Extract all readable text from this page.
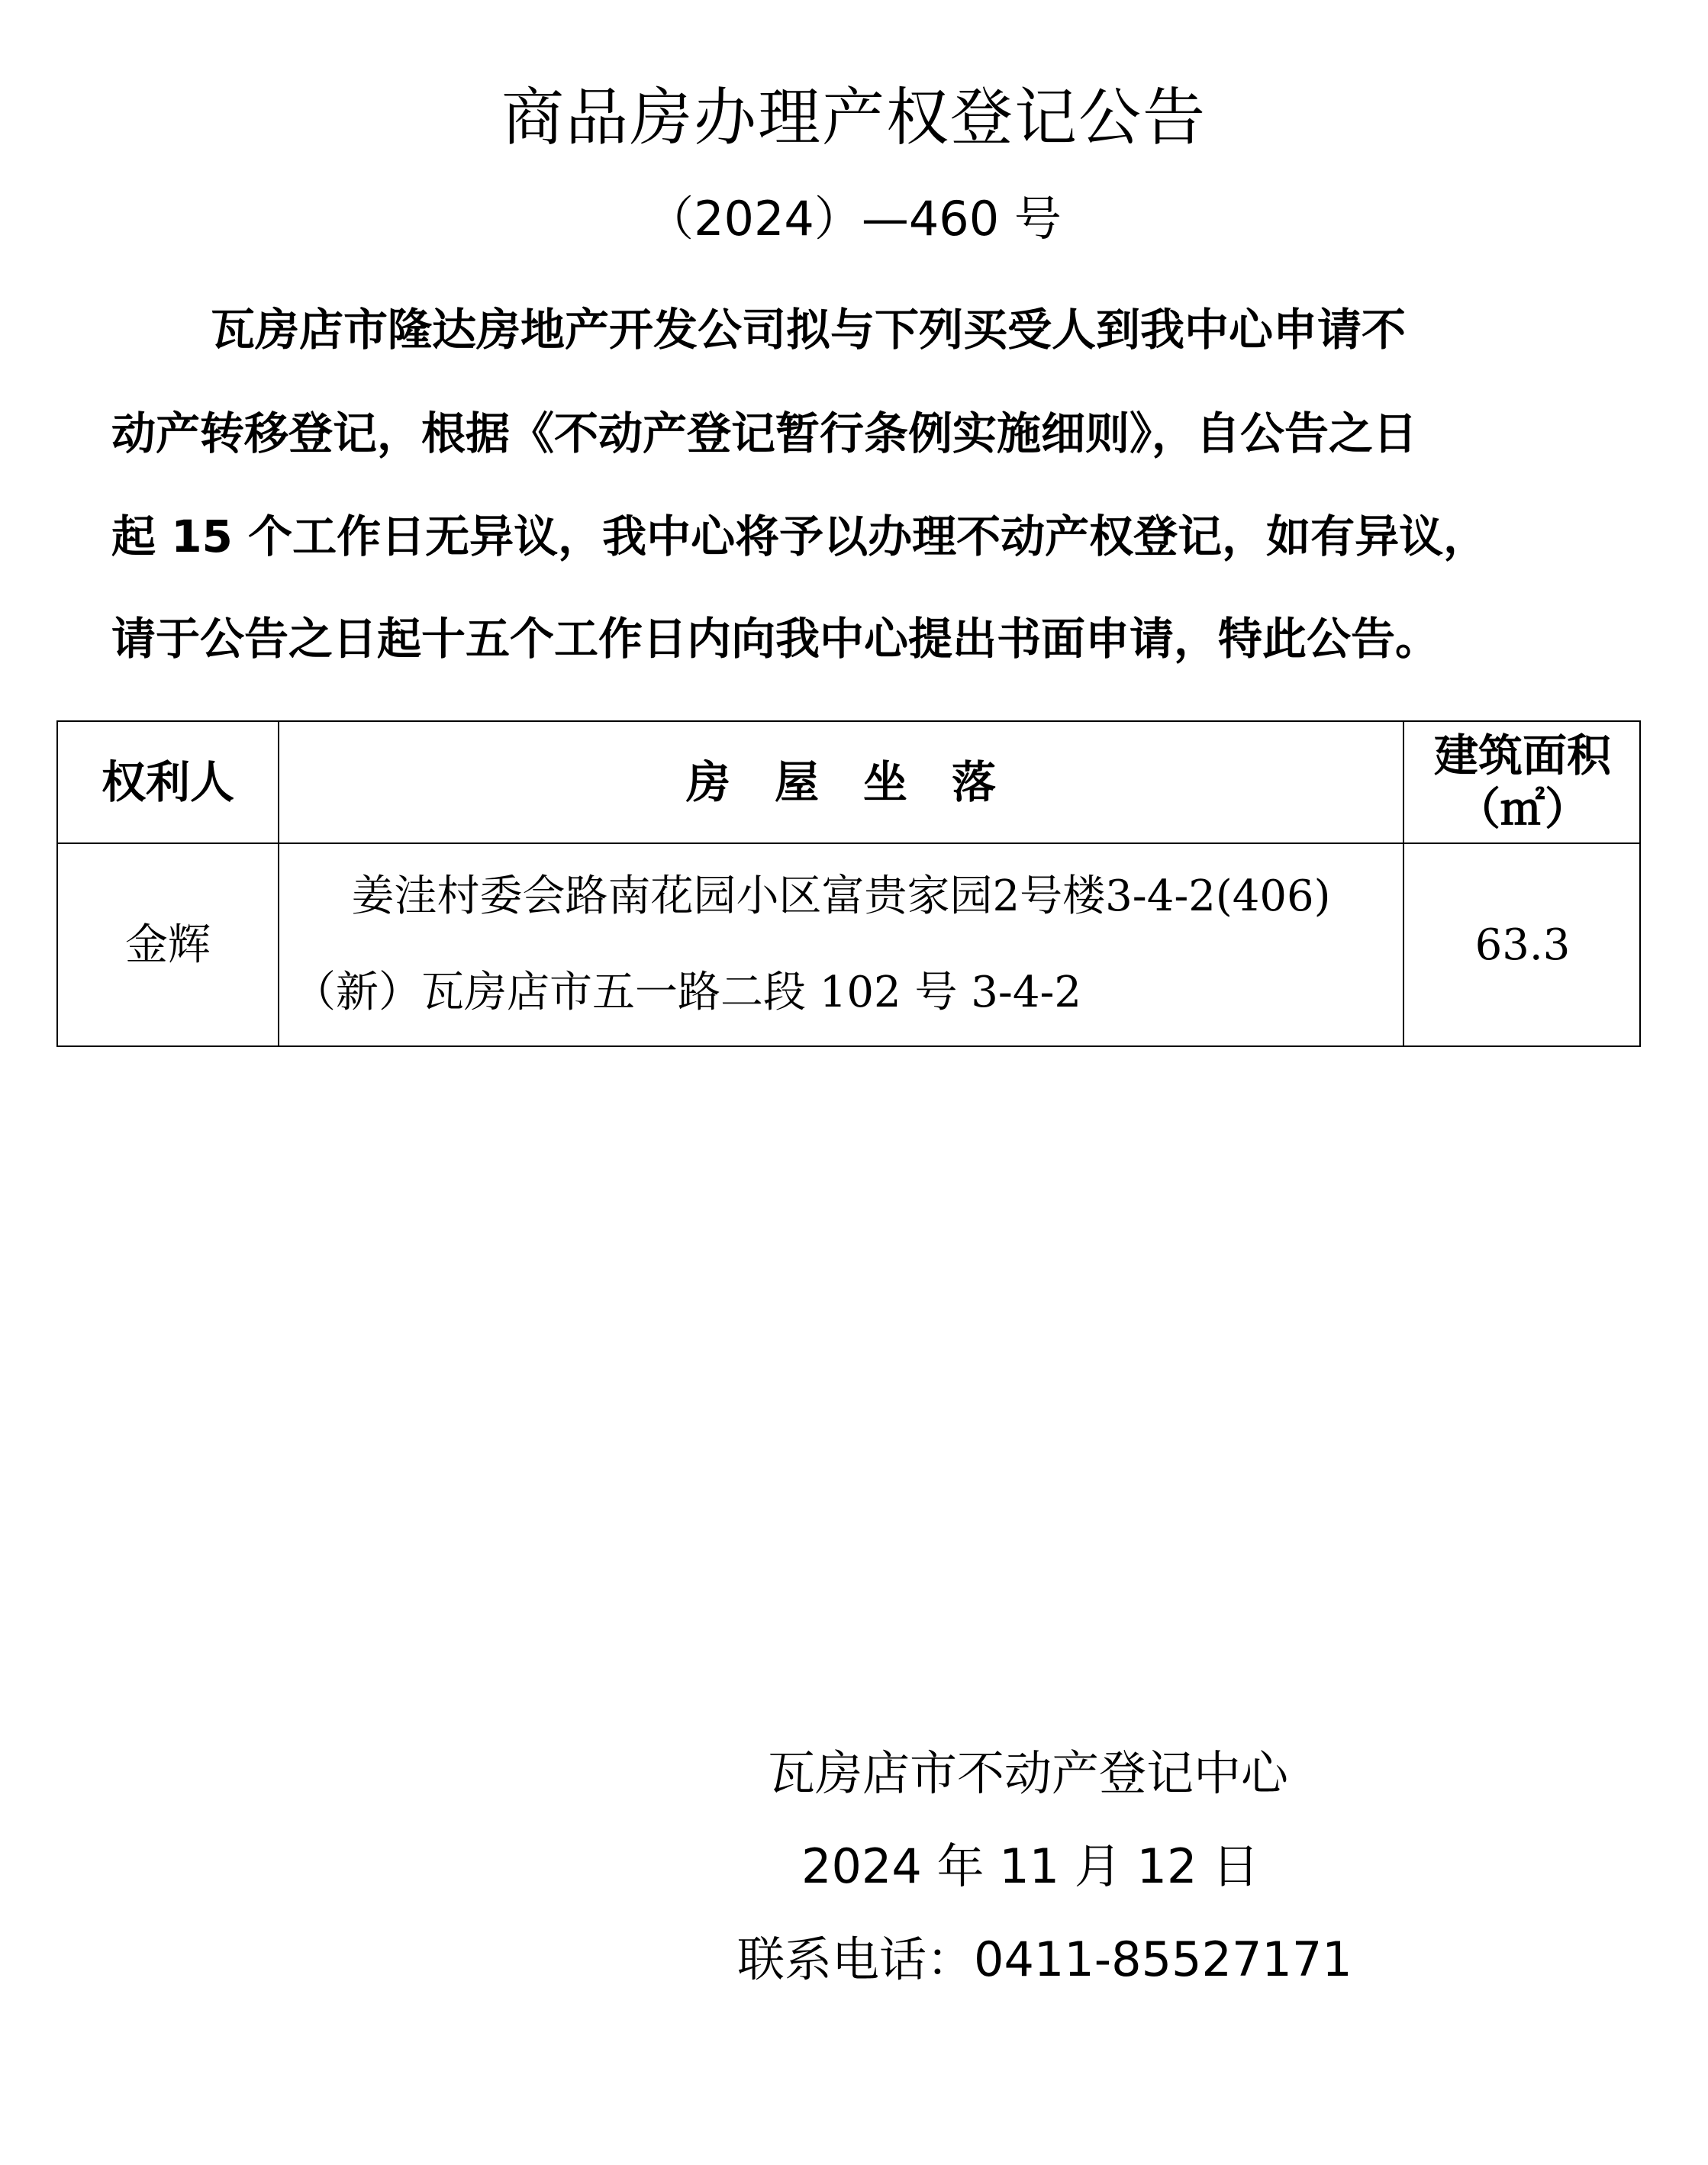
商品房办理产权登记公告
（2024）—460 号
瓦房店市隆达房地产开发公司拟与下列买受人到我中心申请不
动产转移登记，根据《不动产登记暂行条例实施细则》，自公告之日
起 15 个工作日无异议，我中心将予以办理不动产权登记，如有异议，
请于公告之日起十五个工作日内向我中心提出书面申请，特此公告。
权利人	房　屋　坐　落
建筑面积
（㎡）
金辉
姜洼村委会路南花园小区富贵家园2号楼3-4-2(406)
（新）瓦房店市五一路二段 102 号 3-4-2
63.3
瓦房店市不动产登记中心
2024 年 11 月 12 日
联系电话：0411-85527171
